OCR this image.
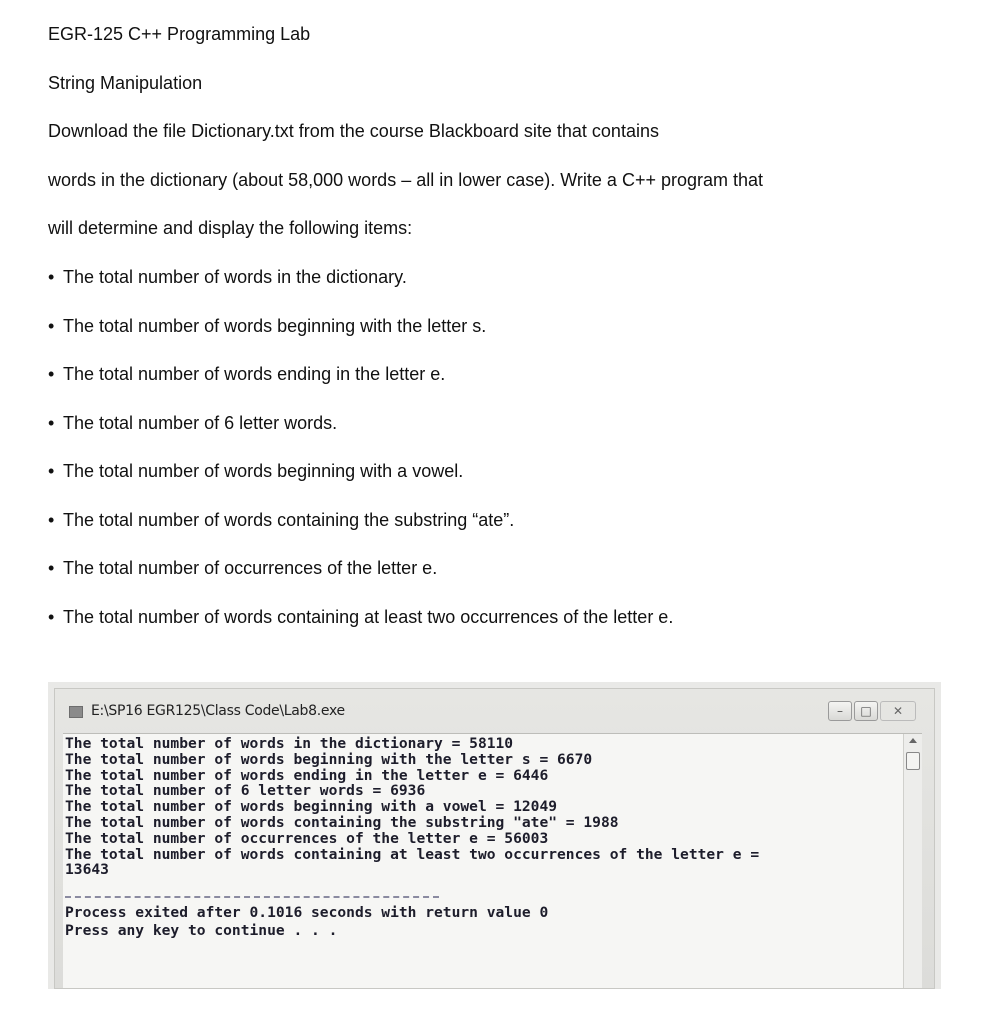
EGR-125 C++ Programming Lab
String Manipulation
Download the file Dictionary.txt from the course Blackboard site that contains
words in the dictionary (about 58,000 words – all in lower case). Write a C++ program that
will determine and display the following items:
• The total number of words in the dictionary.
• The total number of words beginning with the letter s.
• The total number of words ending in the letter e.
• The total number of 6 letter words.
• The total number of words beginning with a vowel.
• The total number of words containing the substring “ate”.
• The total number of occurrences of the letter e.
• The total number of words containing at least two occurrences of the letter e.
E:\SP16 EGR125\Class Code\Lab8.exe	–	□	✕
The total number of words in the dictionary = 58110
The total number of words beginning with the letter s = 6670
The total number of words ending in the letter e = 6446
The total number of 6 letter words = 6936
The total number of words beginning with a vowel = 12049
The total number of words containing the substring "ate" = 1988
The total number of occurrences of the letter e = 56003
The total number of words containing at least two occurrences of the letter e =
13643
Process exited after 0.1016 seconds with return value 0
Press any key to continue . . .
